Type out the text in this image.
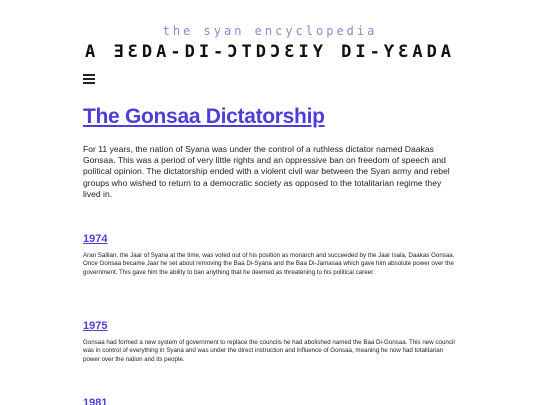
the syan encyclopedia
A ƎƐDA-DI-ƆTDƆƐIY DI-ƳƐADA
The Gonsaa Dictatorship

For 11 years, the nation of Syana was under the control of a ruthless dictator named Daakas Gonsaa. This was a period of very little rights and an oppressive ban on freedom of speech and political opinion. The dictatorship ended with a violent civil war between the Syan army and rebel groups who wished to return to a democratic society as opposed to the totalitarian regime they lived in.

1974

Aran Salilan, the Jaar of Syana at the time, was voted out of his position as monarch and succeeded by the Jaar Isala, Daakas Gonsaa. Once Gonsaa became Jaar he set about removing the Baa Di-Syana and the Baa Di-Jamasaa which gave him absolute power over the government. This gave him the ability to ban anything that he deemed as threatening to his political career.

1975

Gonsaa had formed a new system of government to replace the councils he had abolished named the Baa Di-Gonsaa. This new council was in control of everything in Syana and was under the direct instruction and influence of Gonsaa, meaning he now had totalitarian power over the nation and its people.

1981
